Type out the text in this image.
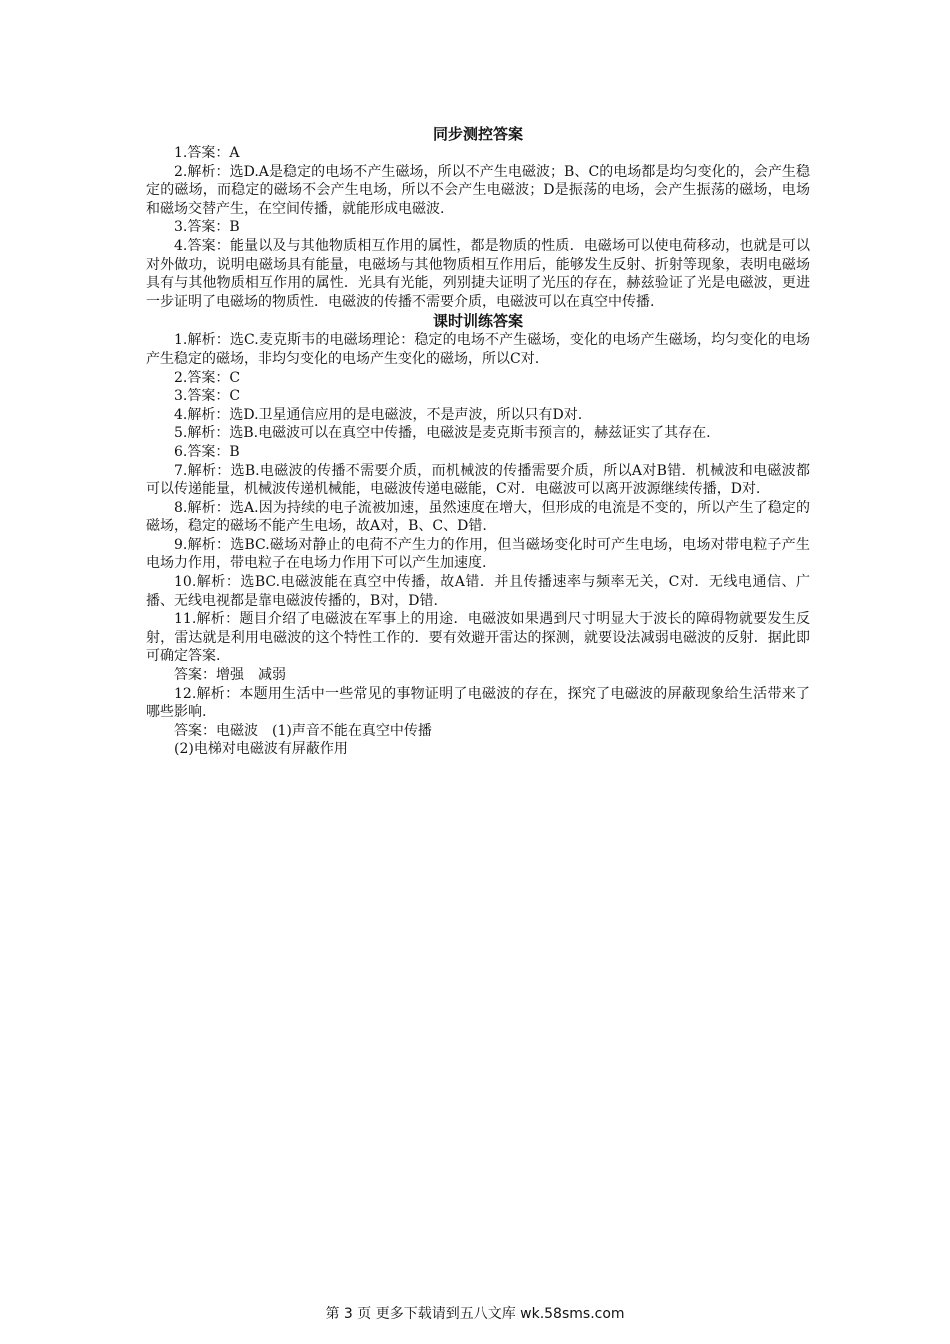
同步测控答案

1.答案：A

2.解析：选D.A是稳定的电场不产生磁场，所以不产生电磁波；B、C的电场都是均匀变化的，会产生稳定的磁场，而稳定的磁场不会产生电场，所以不会产生电磁波；D是振荡的电场，会产生振荡的磁场，电场和磁场交替产生，在空间传播，就能形成电磁波.

3.答案：B

4.答案：能量以及与其他物质相互作用的属性，都是物质的性质．电磁场可以使电荷移动，也就是可以对外做功，说明电磁场具有能量，电磁场与其他物质相互作用后，能够发生反射、折射等现象，表明电磁场具有与其他物质相互作用的属性．光具有光能，列别捷夫证明了光压的存在，赫兹验证了光是电磁波，更进一步证明了电磁场的物质性．电磁波的传播不需要介质，电磁波可以在真空中传播.

课时训练答案

1.解析：选C.麦克斯韦的电磁场理论：稳定的电场不产生磁场，变化的电场产生磁场，均匀变化的电场产生稳定的磁场，非均匀变化的电场产生变化的磁场，所以C对.

2.答案：C

3.答案：C

4.解析：选D.卫星通信应用的是电磁波，不是声波，所以只有D对.

5.解析：选B.电磁波可以在真空中传播，电磁波是麦克斯韦预言的，赫兹证实了其存在.

6.答案：B

7.解析：选B.电磁波的传播不需要介质，而机械波的传播需要介质，所以A对B错．机械波和电磁波都可以传递能量，机械波传递机械能，电磁波传递电磁能，C对．电磁波可以离开波源继续传播，D对.

8.解析：选A.因为持续的电子流被加速，虽然速度在增大，但形成的电流是不变的，所以产生了稳定的磁场，稳定的磁场不能产生电场，故A对，B、C、D错.

9.解析：选BC.磁场对静止的电荷不产生力的作用，但当磁场变化时可产生电场，电场对带电粒子产生电场力作用，带电粒子在电场力作用下可以产生加速度.

10.解析：选BC.电磁波能在真空中传播，故A错．并且传播速率与频率无关，C对．无线电通信、广播、无线电视都是靠电磁波传播的，B对，D错.

11.解析：题目介绍了电磁波在军事上的用途．电磁波如果遇到尺寸明显大于波长的障碍物就要发生反射，雷达就是利用电磁波的这个特性工作的．要有效避开雷达的探测，就要设法减弱电磁波的反射．据此即可确定答案.

答案：增强　减弱

12.解析：本题用生活中一些常见的事物证明了电磁波的存在，探究了电磁波的屏蔽现象给生活带来了哪些影响.

答案：电磁波　(1)声音不能在真空中传播

(2)电梯对电磁波有屏蔽作用

第 3 页 更多下载请到五八文库 wk.58sms.com
